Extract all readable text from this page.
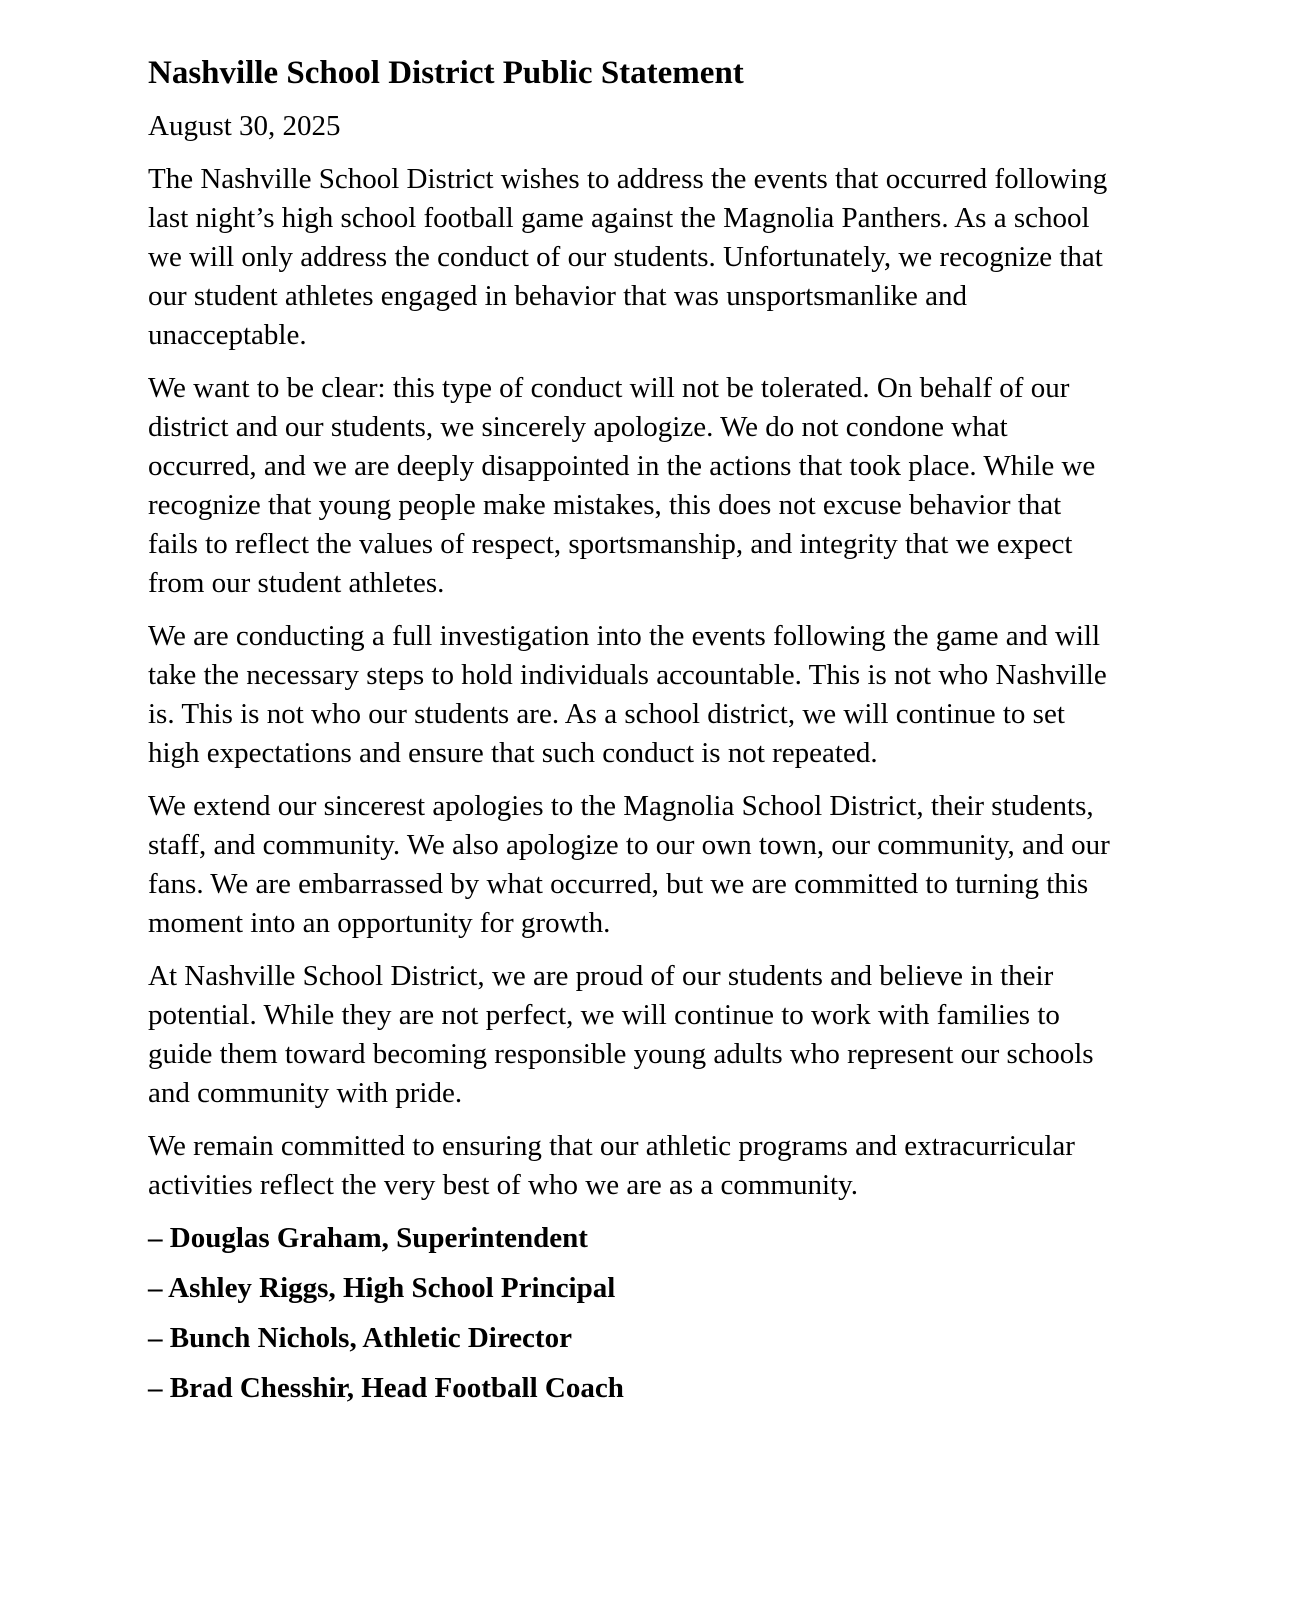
Nashville School District Public Statement
August 30, 2025

The Nashville School District wishes to address the events that occurred following last night’s high school football game against the Magnolia Panthers. As a school we will only address the conduct of our students. Unfortunately, we recognize that our student athletes engaged in behavior that was unsportsmanlike and unacceptable.

We want to be clear: this type of conduct will not be tolerated. On behalf of our district and our students, we sincerely apologize. We do not condone what occurred, and we are deeply disappointed in the actions that took place. While we recognize that young people make mistakes, this does not excuse behavior that fails to reflect the values of respect, sportsmanship, and integrity that we expect from our student athletes.

We are conducting a full investigation into the events following the game and will take the necessary steps to hold individuals accountable. This is not who Nashville is. This is not who our students are. As a school district, we will continue to set high expectations and ensure that such conduct is not repeated.

We extend our sincerest apologies to the Magnolia School District, their students, staff, and community. We also apologize to our own town, our community, and our fans. We are embarrassed by what occurred, but we are committed to turning this moment into an opportunity for growth.

At Nashville School District, we are proud of our students and believe in their potential. While they are not perfect, we will continue to work with families to guide them toward becoming responsible young adults who represent our schools and community with pride.

We remain committed to ensuring that our athletic programs and extracurricular activities reflect the very best of who we are as a community.

– Douglas Graham, Superintendent
– Ashley Riggs, High School Principal
– Bunch Nichols, Athletic Director
– Brad Chesshir, Head Football Coach
